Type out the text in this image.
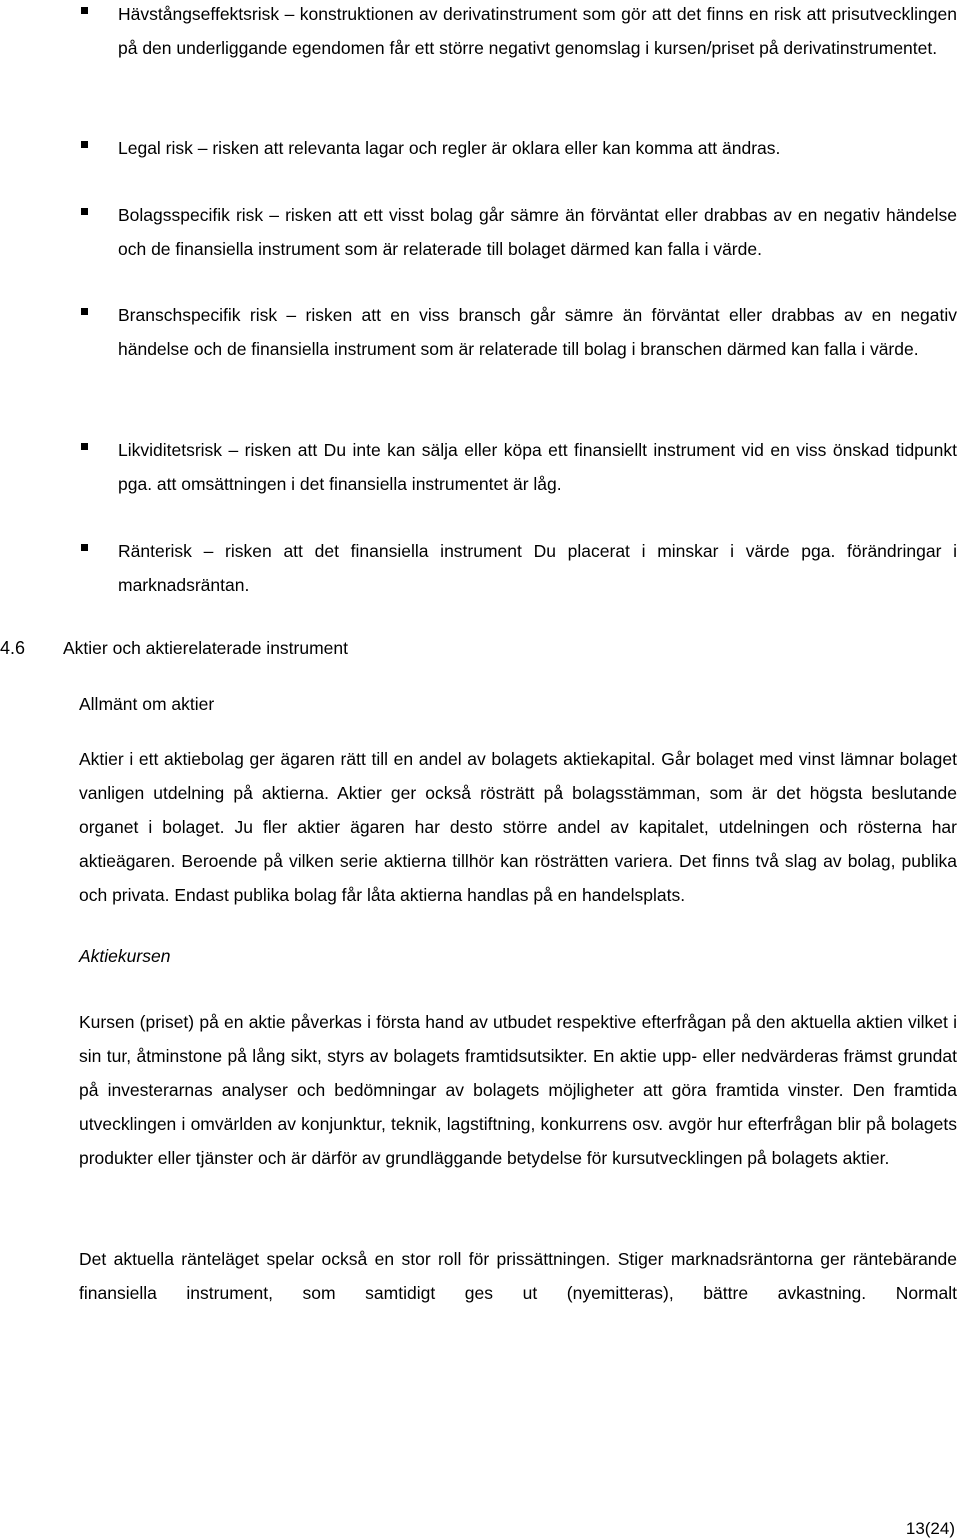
Hävstångseffektsrisk – konstruktionen av derivatinstrument som gör att det finns en risk att prisutvecklingen på den underliggande egendomen får ett större negativt genomslag i kursen/priset på derivatinstrumentet.
Legal risk – risken att relevanta lagar och regler är oklara eller kan komma att ändras.
Bolagsspecifik risk – risken att ett visst bolag går sämre än förväntat eller drabbas av en negativ händelse och de finansiella instrument som är relaterade till bolaget därmed kan falla i värde.
Branschspecifik risk – risken att en viss bransch går sämre än förväntat eller drabbas av en negativ händelse och de finansiella instrument som är relaterade till bolag i branschen därmed kan falla i värde.
Likviditetsrisk – risken att Du inte kan sälja eller köpa ett finansiellt instrument vid en viss önskad tidpunkt pga. att omsättningen i det finansiella instrumentet är låg.
Ränterisk – risken att det finansiella instrument Du placerat i minskar i värde pga. förändringar i marknadsräntan.
4.6 Aktier och aktierelaterade instrument
Allmänt om aktier
Aktier i ett aktiebolag ger ägaren rätt till en andel av bolagets aktiekapital. Går bolaget med vinst lämnar bolaget vanligen utdelning på aktierna. Aktier ger också rösträtt på bolagsstämman, som är det högsta beslutande organet i bolaget. Ju fler aktier ägaren har desto större andel av kapitalet, utdelningen och rösterna har aktieägaren. Beroende på vilken serie aktierna tillhör kan rösträtten variera. Det finns två slag av bolag, publika och privata. Endast publika bolag får låta aktierna handlas på en handelsplats.
Aktiekursen
Kursen (priset) på en aktie påverkas i första hand av utbudet respektive efterfrågan på den aktuella aktien vilket i sin tur, åtminstone på lång sikt, styrs av bolagets framtidsutsikter. En aktie upp- eller nedvärderas främst grundat på investerarnas analyser och bedömningar av bolagets möjligheter att göra framtida vinster. Den framtida utvecklingen i omvärlden av konjunktur, teknik, lagstiftning, konkurrens osv. avgör hur efterfrågan blir på bolagets produkter eller tjänster och är därför av grundläggande betydelse för kursutvecklingen på bolagets aktier.
Det aktuella ränteläget spelar också en stor roll för prissättningen. Stiger marknadsräntorna ger räntebärande finansiella instrument, som samtidigt ges ut (nyemitteras), bättre avkastning. Normalt
13(24)
